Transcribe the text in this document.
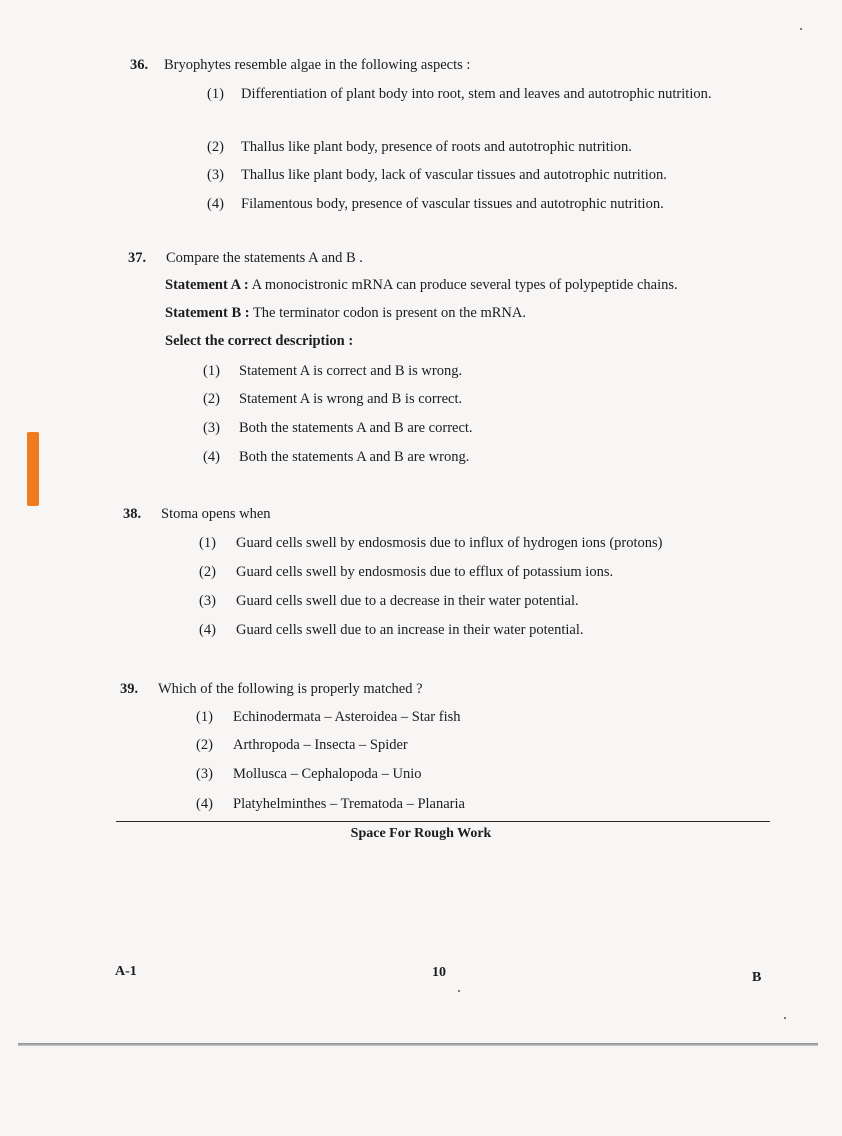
36.	Bryophytes resemble algae in the following aspects :
(1)	Differentiation of plant body into root, stem and leaves and autotrophic nutrition.
(2)	Thallus like plant body, presence of roots and autotrophic nutrition.
(3)	Thallus like plant body, lack of vascular tissues and autotrophic nutrition.
(4)	Filamentous body, presence of vascular tissues and autotrophic nutrition.
37.	Compare the statements A and B .
Statement A : A monocistronic mRNA can produce several types of polypeptide chains.
Statement B : The terminator codon is present on the mRNA.
Select the correct description :
(1)	Statement A is correct and B is wrong.
(2)	Statement A is wrong and B is correct.
(3)	Both the statements A and B are correct.
(4)	Both the statements A and B are wrong.
38.	Stoma opens when
(1)	Guard cells swell by endosmosis due to influx of hydrogen ions (protons)
(2)	Guard cells swell by endosmosis due to efflux of potassium ions.
(3)	Guard cells swell due to a decrease in their water potential.
(4)	Guard cells swell due to an increase in their water potential.
39.	Which of the following is properly matched ?
(1)	Echinodermata – Asteroidea – Star fish
(2)	Arthropoda – Insecta – Spider
(3)	Mollusca – Cephalopoda – Unio
(4)	Platyhelminthes – Trematoda – Planaria
Space For Rough Work
A-1	10	B
